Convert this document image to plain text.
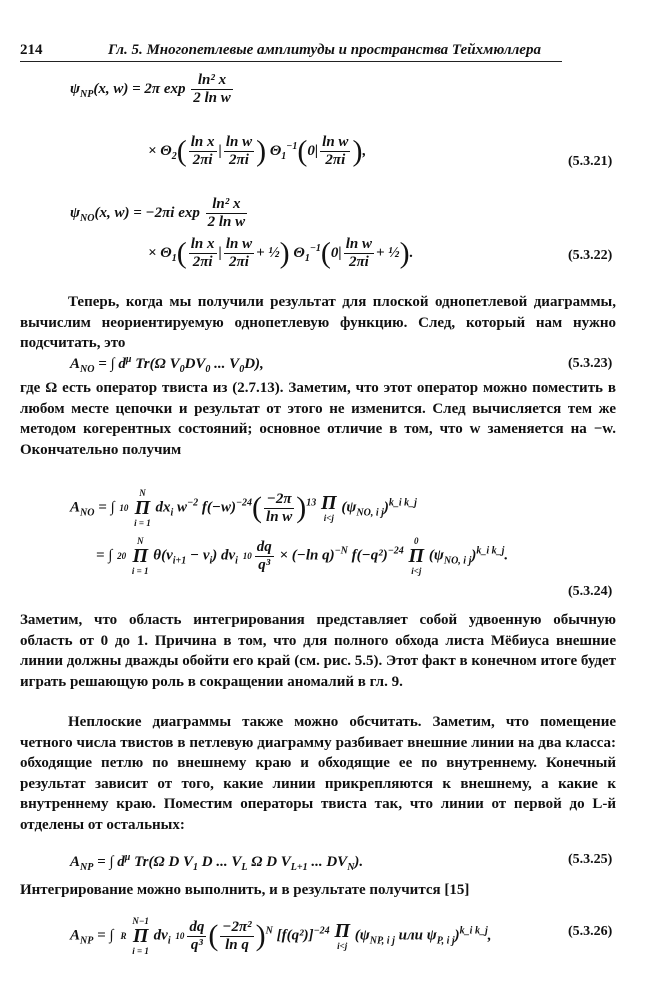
214	Гл. 5. Многопетлевые амплитуды и пространства Тейхмюллера
$\psi_{NP}(x$, w) = 2π $\exp \frac{\text{ln² x}}{\text{2 ln w}}$
× $\Theta_2( \frac{\text{ln x}}{2\pi i}$ | $\frac{\text{ln w}}{2\pi i}$ ) $\Theta_1^{-1}(0| \frac{\text{ln w}}{2\pi i}$ ),
(5.3.21)
$\psi_{NO}(x$, w) = −2πi $\exp \frac{\text{ln² x}}{\text{2 ln w}}$
× $\Theta_1( \frac{\text{ln x}}{2\pi i}$ | $\frac{\text{ln w}}{2\pi i}$ + ½) $\Theta_1^{-1}(0| \frac{\text{ln w}}{2\pi i}$ + ½).	(5.3.22)

Теперь, когда мы получили результат для плоской однопетлевой диаграммы, вычислим неориентируемую однопетлевую функцию. След, который нам нужно подсчитать, это

$A_{NO}$ = ∫ $d^\mu$ Tr(Ω $V_0DV_0$ ... $V_0D$),	(5.3.23)

где Ω есть оператор твиста из (2.7.13). Заметим, что этот оператор можно поместить в любом месте цепочки и результат от этого не изменится. След вычисляется тем же методом когерентных состояний; основное отличие в том, что w заменяется на −w. Окончательно получим

$A_{NO}$ = ∫ 10 N
Π
i = 1 $dx_i$ $w^{-2}$ $f(-w)^{-24}( \frac{-2\pi}{\text{ln w}} )^{13}$ Π
i<j $(\psi_{NO, i j})^{k\_i k\_j}$
= ∫ 20 N
Π
i = 1 $\theta(\nu_{i+1} - \nu_i)$ $d\nu_i$ $10 \frac{dq}{\text{q³}} \times (-\ln$ q)$^{-N}$ $f(-q^2)^{-24}$ 0
Π
i<j $(\psi_{NO, i j})^{k\_i k\_j}$.
(5.3.24)

Заметим, что область интегрирования представляет собой удвоенную обычную область от 0 до 1. Причина в том, что для полного обхода листа Мёбиуса внешние линии должны дважды обойти его край (см. рис. 5.5). Этот факт в конечном итоге будет играть решающую роль в сокращении аномалий в гл. 9.

Неплоские диаграммы также можно обсчитать. Заметим, что помещение четного числа твистов в петлевую диаграмму разбивает внешние линии на два класса: обходящие петлю по внешнему краю и обходящие ее по внутреннему. Конечный результат зависит от того, какие линии прикрепляются к внешнему, а какие к внутреннему краю. Поместим операторы твиста так, что линии от первой до L-й отделены от остальных:

$A_{NP}$ = ∫ $d^\mu$ Tr(Ω D $V_1$ D ... $V_L$ Ω D $V_{L+1}$ ... $DV_N$).	(5.3.25)

Интегрирование можно выполнить, и в результате получится [15]

$A_{NP}$ = ∫ R N−1
Π
i = 1 $d\nu_i$ $10 \frac{dq}{\text{q³}}$ ( $\frac{\text{−2π²}}{\text{ln q}} )^N$ $[f(q^2)]^{-24}$ Π
i<j ($\psi_{NP, i j}$ или $\psi_{P, i j})^{k\_i k\_j}$,	(5.3.26)
